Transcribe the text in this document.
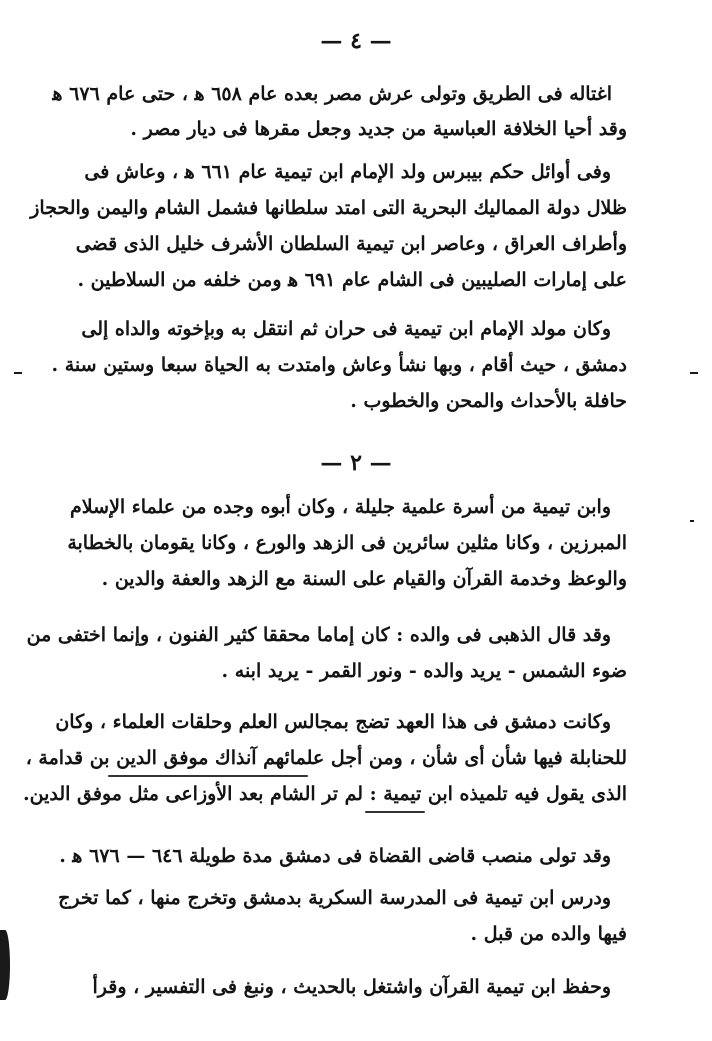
— ٤ —
اغتاله فى الطريق وتولى عرش مصر بعده عام ٦٥٨ ﻫ ، حتى عام ٦٧٦ ﻫ
وقد أحيا الخلافة العباسية من جديد وجعل مقرها فى ديار مصر .
وفى أوائل حكم بيبرس ولد الإمام ابن تيمية عام ٦٦١ ﻫ ، وعاش فى
ظلال دولة المماليك البحرية التى امتد سلطانها فشمل الشام واليمن والحجاز
وأطراف العراق ، وعاصر ابن تيمية السلطان الأشرف خليل الذى قضى
على إمارات الصليبين فى الشام عام ٦٩١ ﻫ ومن خلفه من السلاطين .
وكان مولد الإمام ابن تيمية فى حران ثم انتقل به وبإخوته والداه إلى
دمشق ، حيث أقام ، وبها نشأ وعاش وامتدت به الحياة سبعا وستين سنة .
حافلة بالأحداث والمحن والخطوب .
— ٢ —
وابن تيمية من أسرة علمية جليلة ، وكان أبوه وجده من علماء الإسلام
المبرزين ، وكانا مثلين سائرين فى الزهد والورع ، وكانا يقومان بالخطابة
والوعظ وخدمة القرآن والقيام على السنة مع الزهد والعفة والدين .
وقد قال الذهبى فى والده : كان إماما محققا كثير الفنون ، وإنما اختفى من
ضوء الشمس - يريد والده - ونور القمر - يريد ابنه .
وكانت دمشق فى هذا العهد تضج بمجالس العلم وحلقات العلماء ، وكان
للحنابلة فيها شأن أى شأن ، ومن أجل علمائهم آنذاك موفق الدين بن قدامة ،
الذى يقول فيه تلميذه ابن تيمية : لم تر الشام بعد الأوزاعى مثل موفق الدين.
وقد تولى منصب قاضى القضاة فى دمشق مدة طويلة ٦٤٦ — ٦٧٦ ﻫ .
ودرس ابن تيمية فى المدرسة السكرية بدمشق وتخرج منها ، كما تخرج
فيها والده من قبل .
وحفظ ابن تيمية القرآن واشتغل بالحديث ، ونبغ فى التفسير ، وقرأ
